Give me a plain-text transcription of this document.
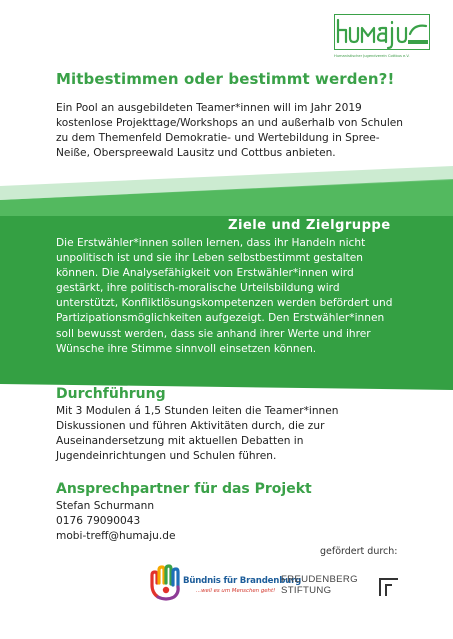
Humanistischer Jugendverein Cottbus e.V.
Mitbestimmen oder bestimmt werden?!

Ein Pool an ausgebildeten Teamer*innen will im Jahr 2019 kostenlose Projekttage/Workshops an und außerhalb von Schulen zu dem Themenfeld Demokratie- und Wertebildung in Spree-Neiße, Oberspreewald Lausitz und Cottbus anbieten.

Ziele und Zielgruppe

Die Erstwähler*innen sollen lernen, dass ihr Handeln nicht unpolitisch ist und sie ihr Leben selbstbestimmt gestalten können. Die Analysefähigkeit von Erstwähler*innen wird gestärkt, ihre politisch-moralische Urteilsbildung wird unterstützt, Konfliktlösungskompetenzen werden befördert und Partizipationsmöglichkeiten aufgezeigt. Den Erstwähler*innen soll bewusst werden, dass sie anhand ihrer Werte und ihrer Wünsche ihre Stimme sinnvoll einsetzen können.

Durchführung

Mit 3 Modulen á 1,5 Stunden leiten die Teamer*innen Diskussionen und führen Aktivitäten durch, die zur Auseinandersetzung mit aktuellen Debatten in Jugendeinrichtungen und Schulen führen.

Ansprechpartner für das Projekt
Stefan Schurmann
0176 79090043
mobi-treff@humaju.de
gefördert durch:
Bündnis für Brandenburg
...weil es um Menschen geht!
FREUDENBERG
STIFTUNG
